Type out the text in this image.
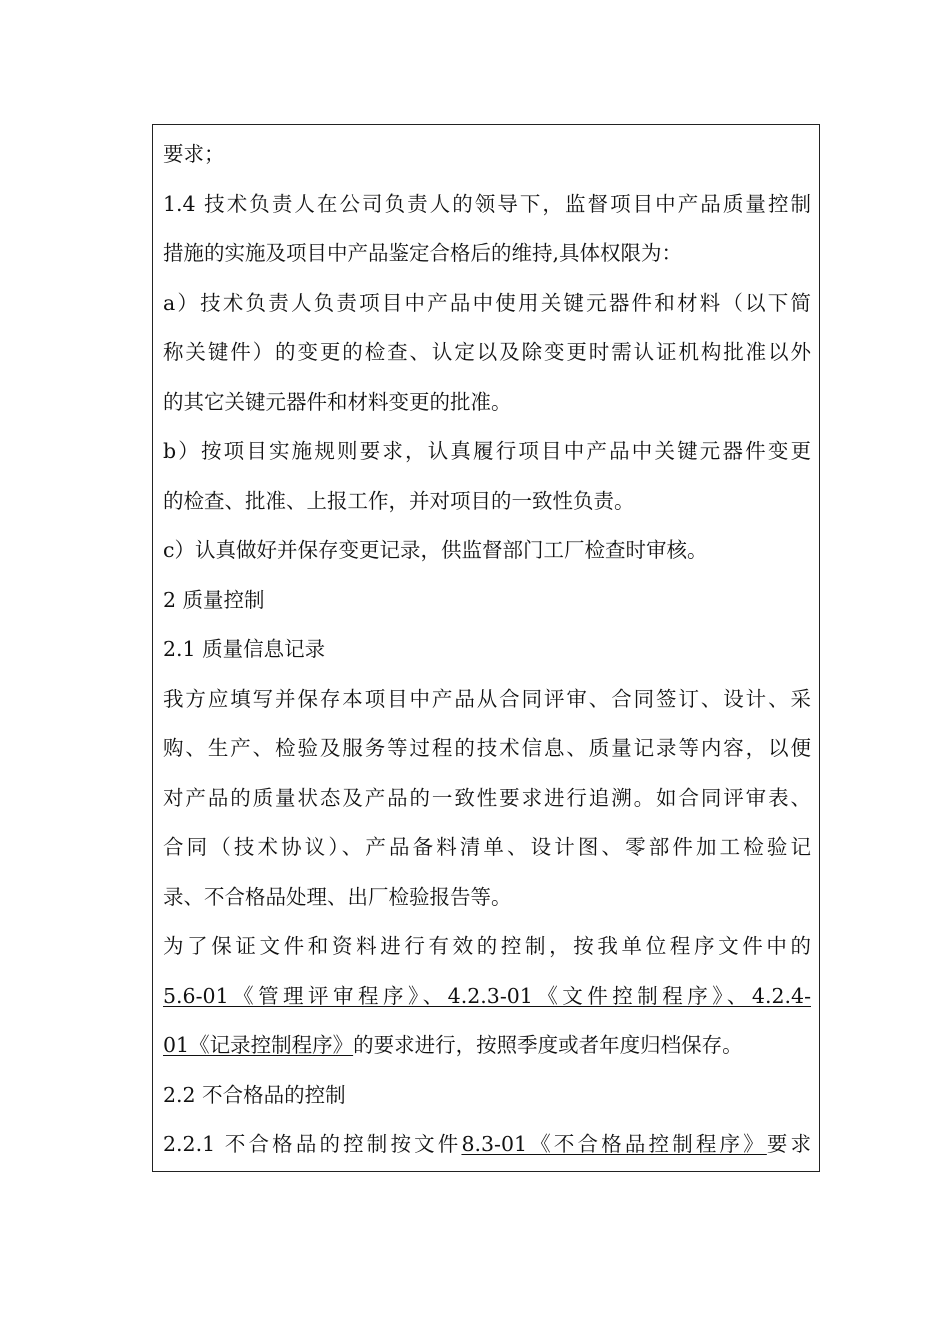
要求；
1.4 技术负责人在公司负责人的领导下，监督项目中产品质量控制
措施的实施及项目中产品鉴定合格后的维持,具体权限为：
a）技术负责人负责项目中产品中使用关键元器件和材料（以下简
称关键件）的变更的检查、认定以及除变更时需认证机构批准以外
的其它关键元器件和材料变更的批准。
b）按项目实施规则要求，认真履行项目中产品中关键元器件变更
的检查、批准、上报工作，并对项目的一致性负责。
c）认真做好并保存变更记录，供监督部门工厂检查时审核。
2 质量控制
2.1 质量信息记录
我方应填写并保存本项目中产品从合同评审、合同签订、设计、采
购、生产、检验及服务等过程的技术信息、质量记录等内容，以便
对产品的质量状态及产品的一致性要求进行追溯。如合同评审表、
合同（技术协议）、产品备料清单、设计图、零部件加工检验记
录、不合格品处理、出厂检验报告等。
为了保证文件和资料进行有效的控制，按我单位程序文件中的
5.6-01《管理评审程序》、4.2.3-01《文件控制程序》、4.2.4-
01《记录控制程序》的要求进行，按照季度或者年度归档保存。
2.2 不合格品的控制
2.2.1 不合格品的控制按文件8.3-01《不合格品控制程序》要求
